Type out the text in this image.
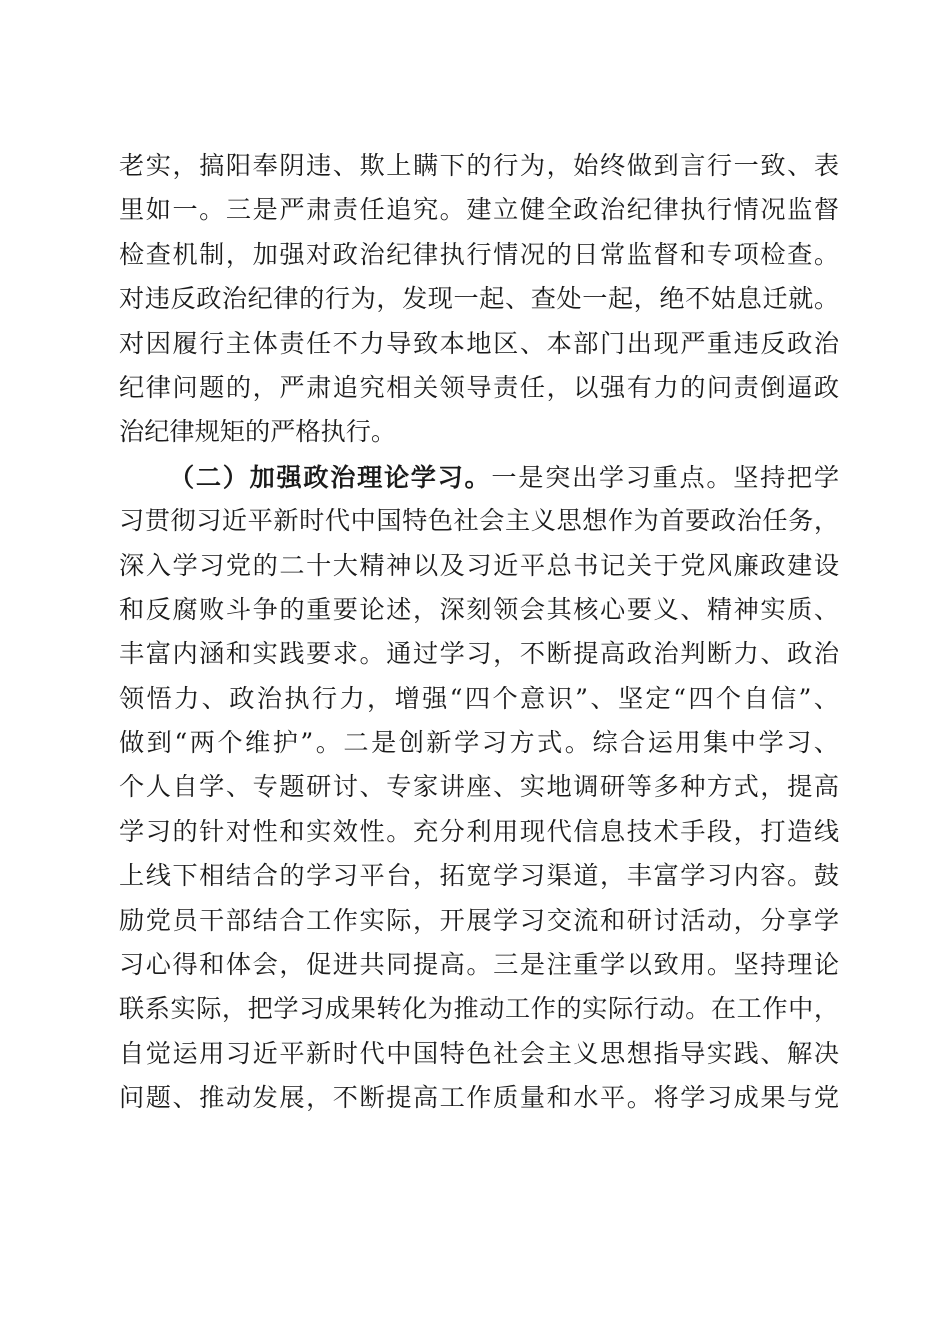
老实，搞阳奉阴违、欺上瞒下的行为，始终做到言行一致、表
里如一。三是严肃责任追究。建立健全政治纪律执行情况监督
检查机制，加强对政治纪律执行情况的日常监督和专项检查。
对违反政治纪律的行为，发现一起、查处一起，绝不姑息迁就。
对因履行主体责任不力导致本地区、本部门出现严重违反政治
纪律问题的，严肃追究相关领导责任，以强有力的问责倒逼政
治纪律规矩的严格执行。
（二）加强政治理论学习。一是突出学习重点。坚持把学
习贯彻习近平新时代中国特色社会主义思想作为首要政治任务，
深入学习党的二十大精神以及习近平总书记关于党风廉政建设
和反腐败斗争的重要论述，深刻领会其核心要义、精神实质、
丰富内涵和实践要求。通过学习，不断提高政治判断力、政治
领悟力、政治执行力，增强“四个意识”、坚定“四个自信”、
做到“两个维护”。二是创新学习方式。综合运用集中学习、
个人自学、专题研讨、专家讲座、实地调研等多种方式，提高
学习的针对性和实效性。充分利用现代信息技术手段，打造线
上线下相结合的学习平台，拓宽学习渠道，丰富学习内容。鼓
励党员干部结合工作实际，开展学习交流和研讨活动，分享学
习心得和体会，促进共同提高。三是注重学以致用。坚持理论
联系实际，把学习成果转化为推动工作的实际行动。在工作中，
自觉运用习近平新时代中国特色社会主义思想指导实践、解决
问题、推动发展，不断提高工作质量和水平。将学习成果与党
